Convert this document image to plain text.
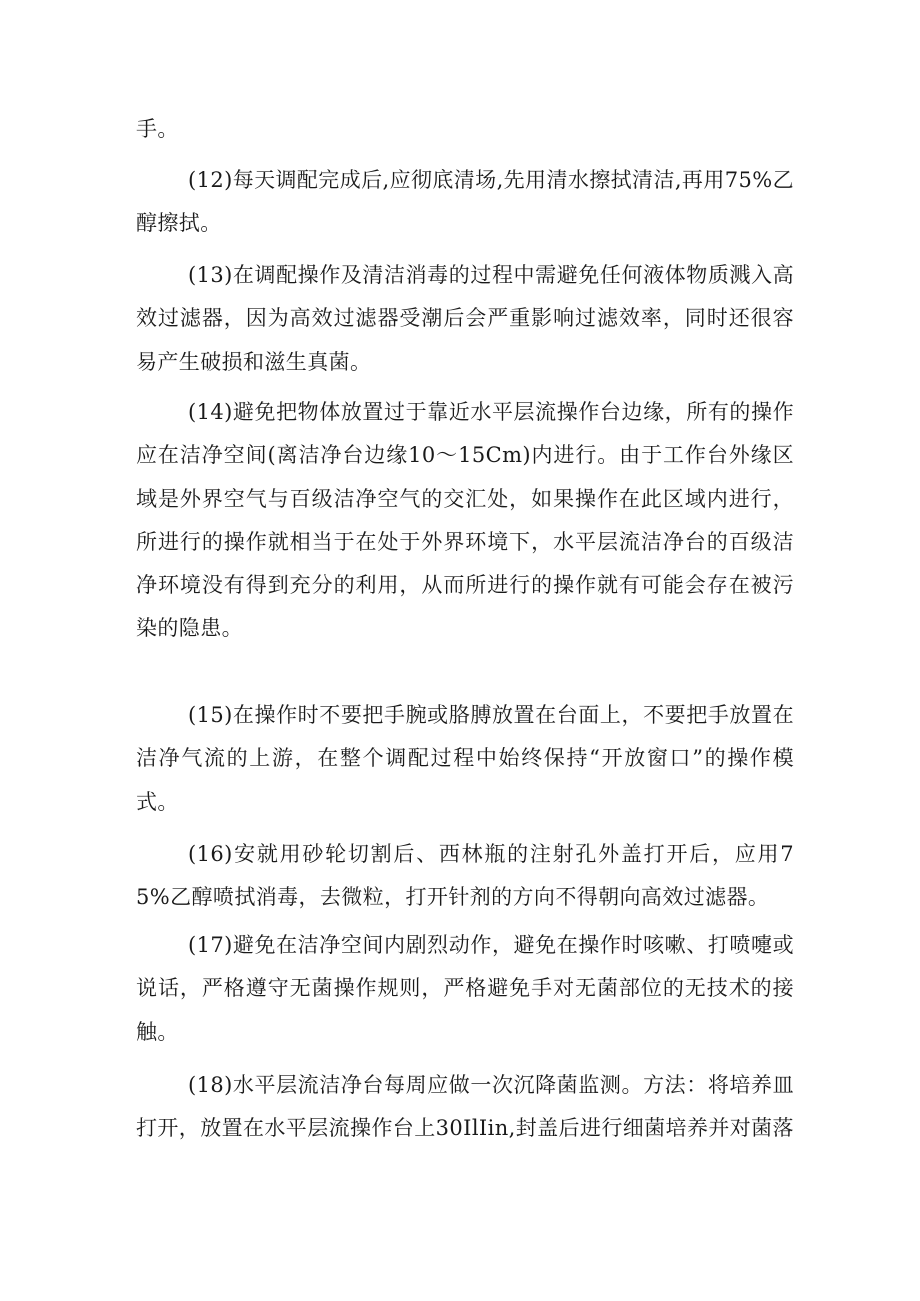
手。

(12)每天调配完成后,应彻底清场,先用清水擦拭清洁,再用75%乙醇擦拭。

(13)在调配操作及清洁消毒的过程中需避免任何液体物质溅入高效过滤器，因为高效过滤器受潮后会严重影响过滤效率，同时还很容易产生破损和滋生真菌。

(14)避免把物体放置过于靠近水平层流操作台边缘，所有的操作应在洁净空间(离洁净台边缘10～15Cm)内进行。由于工作台外缘区域是外界空气与百级洁净空气的交汇处，如果操作在此区域内进行，所进行的操作就相当于在处于外界环境下，水平层流洁净台的百级洁净环境没有得到充分的利用，从而所进行的操作就有可能会存在被污染的隐患。

(15)在操作时不要把手腕或胳膊放置在台面上，不要把手放置在洁净气流的上游，在整个调配过程中始终保持“开放窗口”的操作模式。

(16)安就用砂轮切割后、西林瓶的注射孔外盖打开后，应用75%乙醇喷拭消毒，去微粒，打开针剂的方向不得朝向高效过滤器。

(17)避免在洁净空间内剧烈动作，避免在操作时咳嗽、打喷嚏或说话，严格遵守无菌操作规则，严格避免手对无菌部位的无技术的接触。

(18)水平层流洁净台每周应做一次沉降菌监测。方法：将培养皿打开，放置在水平层流操作台上30IlIin,封盖后进行细菌培养并对菌落
